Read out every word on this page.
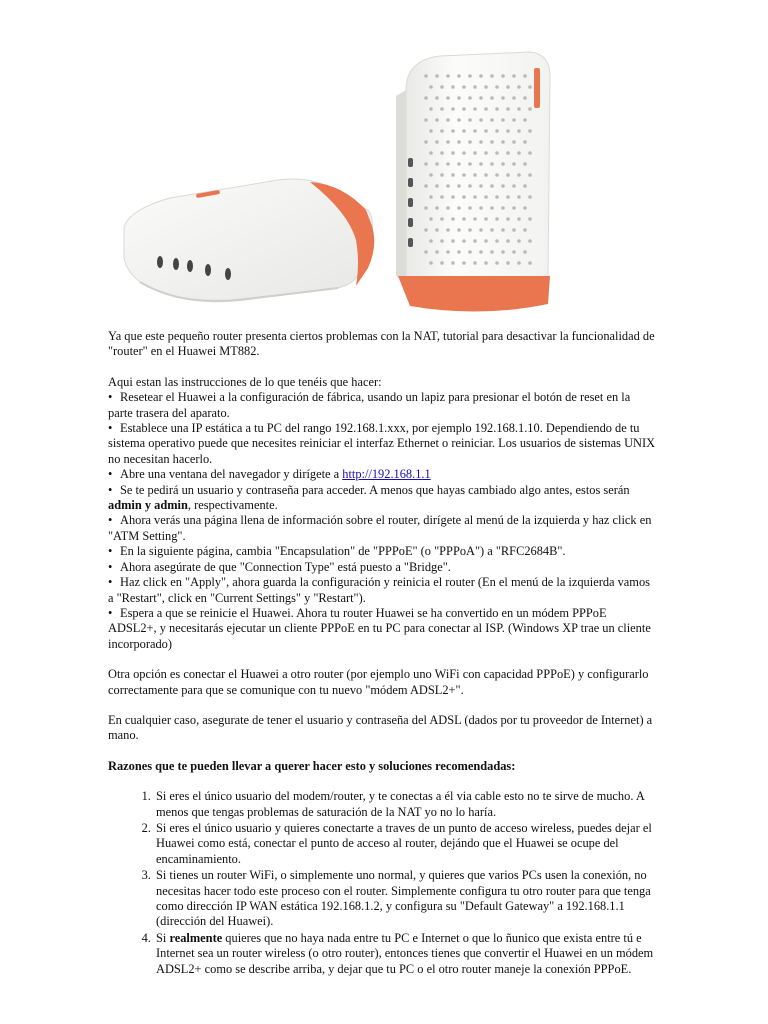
Ya que este pequeño router presenta ciertos problemas con la NAT, tutorial para desactivar la funcionalidad de "router" en el Huawei MT882.

Aqui estan las instrucciones de lo que tenéis que hacer:

• Resetear el Huawei a la configuración de fábrica, usando un lapiz para presionar el botón de reset en la parte trasera del aparato.
• Establece una IP estática a tu PC del rango 192.168.1.xxx, por ejemplo 192.168.1.10. Dependiendo de tu sistema operativo puede que necesites reiniciar el interfaz Ethernet o reiniciar. Los usuarios de sistemas UNIX no necesitan hacerlo.
• Abre una ventana del navegador y dirígete a http://192.168.1.1
• Se te pedirá un usuario y contraseña para acceder. A menos que hayas cambiado algo antes, estos serán admin y admin, respectivamente.
• Ahora verás una página llena de información sobre el router, dirígete al menú de la izquierda y haz click en "ATM Setting".
• En la siguiente página, cambia "Encapsulation" de "PPPoE" (o "PPPoA") a "RFC2684B".
• Ahora asegúrate de que "Connection Type" está puesto a "Bridge".
• Haz click en "Apply", ahora guarda la configuración y reinicia el router (En el menú de la izquierda vamos a "Restart", click en "Current Settings" y "Restart").
• Espera a que se reinicie el Huawei. Ahora tu router Huawei se ha convertido en un módem PPPoE ADSL2+, y necesitarás ejecutar un cliente PPPoE en tu PC para conectar al ISP. (Windows XP trae un cliente incorporado)

Otra opción es conectar el Huawei a otro router (por ejemplo uno WiFi con capacidad PPPoE) y configurarlo correctamente para que se comunique con tu nuevo "módem ADSL2+".

En cualquier caso, asegurate de tener el usuario y contraseña del ADSL (dados por tu proveedor de Internet) a mano.

Razones que te pueden llevar a querer hacer esto y soluciones recomendadas:

1. Si eres el único usuario del modem/router, y te conectas a él via cable esto no te sirve de mucho. A menos que tengas problemas de saturación de la NAT yo no lo haría.
2. Si eres el único usuario y quieres conectarte a traves de un punto de acceso wireless, puedes dejar el Huawei como está, conectar el punto de acceso al router, dejándo que el Huawei se ocupe del encaminamiento.
3. Si tienes un router WiFi, o simplemente uno normal, y quieres que varios PCs usen la conexión, no necesitas hacer todo este proceso con el router. Simplemente configura tu otro router para que tenga como dirección IP WAN estática 192.168.1.2, y configura su "Default Gateway" a 192.168.1.1 (dirección del Huawei).
4. Si realmente quieres que no haya nada entre tu PC e Internet o que lo ñunico que exista entre tú e Internet sea un router wireless (o otro router), entonces tienes que convertir el Huawei en un módem ADSL2+ como se describe arriba, y dejar que tu PC o el otro router maneje la conexión PPPoE.
